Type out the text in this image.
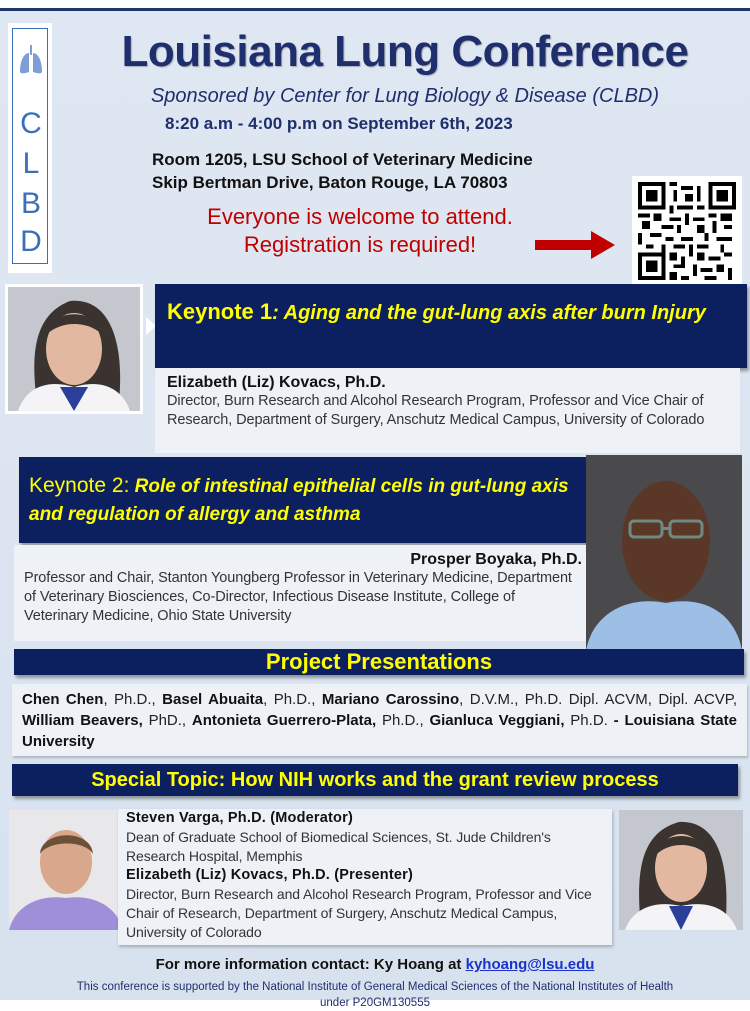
C
L
B
D
Louisiana Lung Conference
Sponsored by Center for Lung Biology & Disease (CLBD)
8:20 a.m - 4:00 p.m on September 6th, 2023
Room 1205, LSU School of Veterinary Medicine
Skip Bertman Drive, Baton Rouge, LA 70803
Everyone is welcome to attend.
Registration is required!
Keynote 1: Aging and the gut-lung axis after burn Injury
Elizabeth (Liz) Kovacs, Ph.D.
Director, Burn Research and Alcohol Research Program, Professor and Vice Chair of Research, Department of Surgery, Anschutz Medical Campus, University of Colorado
Keynote 2: Role of intestinal epithelial cells in gut-lung axis and regulation of allergy and asthma
Prosper Boyaka, Ph.D.
Professor and Chair, Stanton Youngberg Professor in Veterinary Medicine, Department of Veterinary Biosciences, Co-Director, Infectious Disease Institute, College of Veterinary Medicine, Ohio State University
Project Presentations
Chen Chen, Ph.D., Basel Abuaita, Ph.D., Mariano Carossino, D.V.M., Ph.D. Dipl. ACVM, Dipl. ACVP, William Beavers, PhD., Antonieta Guerrero-Plata, Ph.D., Gianluca Veggiani, Ph.D. - Louisiana State University
Special Topic: How NIH works and the grant review process
Steven Varga, Ph.D. (Moderator)
Dean of Graduate School of Biomedical Sciences, St. Jude Children's Research Hospital, Memphis
Elizabeth (Liz) Kovacs, Ph.D. (Presenter)
Director, Burn Research and Alcohol Research Program, Professor and Vice Chair of Research, Department of Surgery, Anschutz Medical Campus, University of Colorado
For more information contact: Ky Hoang at kyhoang@lsu.edu
This conference is supported by the National Institute of General Medical Sciences of the National Institutes of Health
under P20GM130555
